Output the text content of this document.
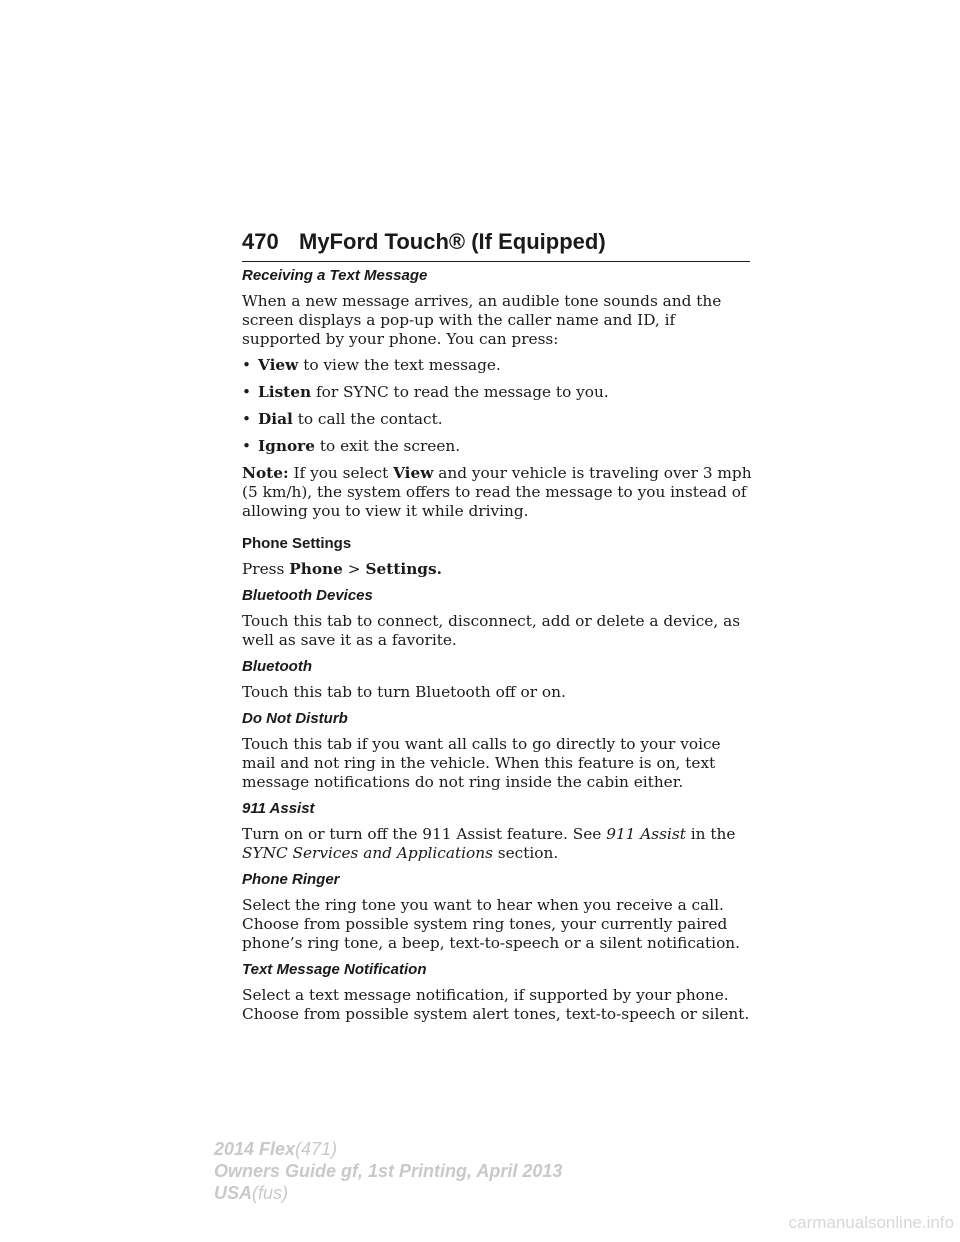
470 MyFord Touch® (If Equipped)
Receiving a Text Message
When a new message arrives, an audible tone sounds and the screen displays a pop-up with the caller name and ID, if supported by your phone. You can press:
• View to view the text message.
• Listen for SYNC to read the message to you.
• Dial to call the contact.
• Ignore to exit the screen.
Note: If you select View and your vehicle is traveling over 3 mph (5 km/h), the system offers to read the message to you instead of allowing you to view it while driving.
Phone Settings
Press Phone > Settings.
Bluetooth Devices
Touch this tab to connect, disconnect, add or delete a device, as well as save it as a favorite.
Bluetooth
Touch this tab to turn Bluetooth off or on.
Do Not Disturb
Touch this tab if you want all calls to go directly to your voice mail and not ring in the vehicle. When this feature is on, text message notifications do not ring inside the cabin either.
911 Assist
Turn on or turn off the 911 Assist feature. See 911 Assist in the SYNC Services and Applications section.
Phone Ringer
Select the ring tone you want to hear when you receive a call. Choose from possible system ring tones, your currently paired phone’s ring tone, a beep, text-to-speech or a silent notification.
Text Message Notification
Select a text message notification, if supported by your phone. Choose from possible system alert tones, text-to-speech or silent.
2014 Flex(471)
Owners Guide gf, 1st Printing, April 2013
USA(fus)
carmanualsonline.info
